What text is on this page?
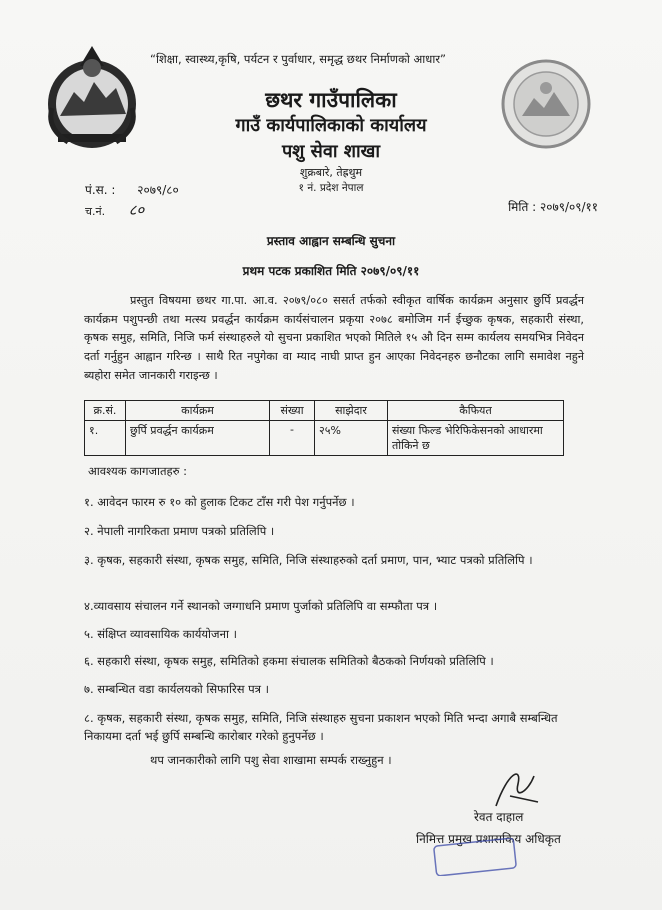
“शिक्षा, स्वास्थ्य,कृषि, पर्यटन र पुर्वाधार, समृद्ध छथर निर्माणको आधार”
छथर गाउँपालिका
गाउँ कार्यपालिकाको कार्यालय
पशु सेवा शाखा
शुक्रबारे, तेह्रथुम
१ नं. प्रदेश नेपाल
पं.स. : २०७९/८०
च.नं. ८०	मिति : २०७९/०९/११
प्रस्ताव आह्वान सम्बन्धि सुचना
प्रथम पटक प्रकाशित मिति २०७९/०९/११
प्रस्तुत विषयमा छथर गा.पा. आ.व. २०७९/०८० ससर्त तर्फको स्वीकृत वार्षिक कार्यक्रम अनुसार छुर्पि प्रवर्द्धन कार्यक्रम पशुपन्छी तथा मत्स्य प्रवर्द्धन कार्यक्रम कार्यसंचालन प्रकृया २०७८ बमोजिम गर्न ईच्छुक कृषक, सहकारी संस्था, कृषक समुह, समिति, निजि फर्म संस्थाहरुले यो सुचना प्रकाशित भएको मितिले १५ औ दिन सम्म कार्यलय समयभित्र निवेदन दर्ता गर्नुहुन आह्वान गरिन्छ । साथै रित नपुगेका वा म्याद नाघी प्राप्त हुन आएका निवेदनहरु छनौटका लागि समावेश नहुने ब्यहोरा समेत जानकारी गराइन्छ ।
क्र.सं.	कार्यक्रम	संख्या	साझेदार	कैफियत
१.	छुर्पि प्रवर्द्धन कार्यक्रम	-	२५%	संख्या फिल्ड भेरिफिकेसनको आधारमा तोकिने छ
आवश्यक कागजातहरु :
१. आवेदन फारम रु १० को हुलाक टिकट टाँस गरी पेश गर्नुपर्नेछ ।
२. नेपाली नागरिकता प्रमाण पत्रको प्रतिलिपि ।
३. कृषक, सहकारी संस्था, कृषक समुह, समिति, निजि संस्थाहरुको दर्ता प्रमाण, पान, भ्याट पत्रको प्रतिलिपि ।
४.व्यावसाय संचालन गर्ने स्थानको जग्गाधनि प्रमाण पुर्जाको प्रतिलिपि वा सम्फौता पत्र ।
५. संक्षिप्त व्यावसायिक कार्ययोजना ।
६. सहकारी संस्था, कृषक समुह, समितिको हकमा संचालक समितिको बैठकको निर्णयको प्रतिलिपि ।
७. सम्बन्धित वडा कार्यलयको सिफारिस पत्र ।
८. कृषक, सहकारी संस्था, कृषक समुह, समिति, निजि संस्थाहरु सुचना प्रकाशन भएको मिति भन्दा अगाबै सम्बन्धित निकायमा दर्ता भई छुर्पि सम्बन्धि कारोबार गरेको हुनुपर्नेछ ।
थप जानकारीको लागि पशु सेवा शाखामा सम्पर्क राख्नुहुन ।
रेवत दाहाल
निमित्त प्रमुख प्रशासकिय अधिकृत
